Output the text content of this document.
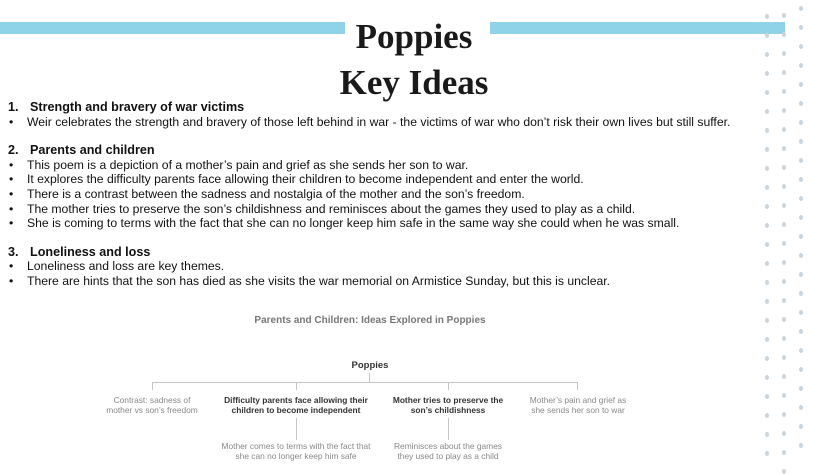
Poppies
Key Ideas

1. Strength and bravery of war victims

• Weir celebrates the strength and bravery of those left behind in war - the victims of war who don’t risk their own lives but still suffer.

2. Parents and children

• This poem is a depiction of a mother’s pain and grief as she sends her son to war.

• It explores the difficulty parents face allowing their children to become independent and enter the world.

• There is a contrast between the sadness and nostalgia of the mother and the son’s freedom.

• The mother tries to preserve the son’s childishness and reminisces about the games they used to play as a child.

• She is coming to terms with the fact that she can no longer keep him safe in the same way she could when he was small.

3. Loneliness and loss

• Loneliness and loss are key themes.

• There are hints that the son has died as she visits the war memorial on Armistice Sunday, but this is unclear.

Parents and Children: Ideas Explored in Poppies
Poppies
Contrast: sadness of mother vs son’s freedom
Difficulty parents face allowing their children to become independent
Mother tries to preserve the son’s childishness
Mother’s pain and grief as she sends her son to war
Mother comes to terms with the fact that she can no longer keep him safe
Reminisces about the games they used to play as a child
